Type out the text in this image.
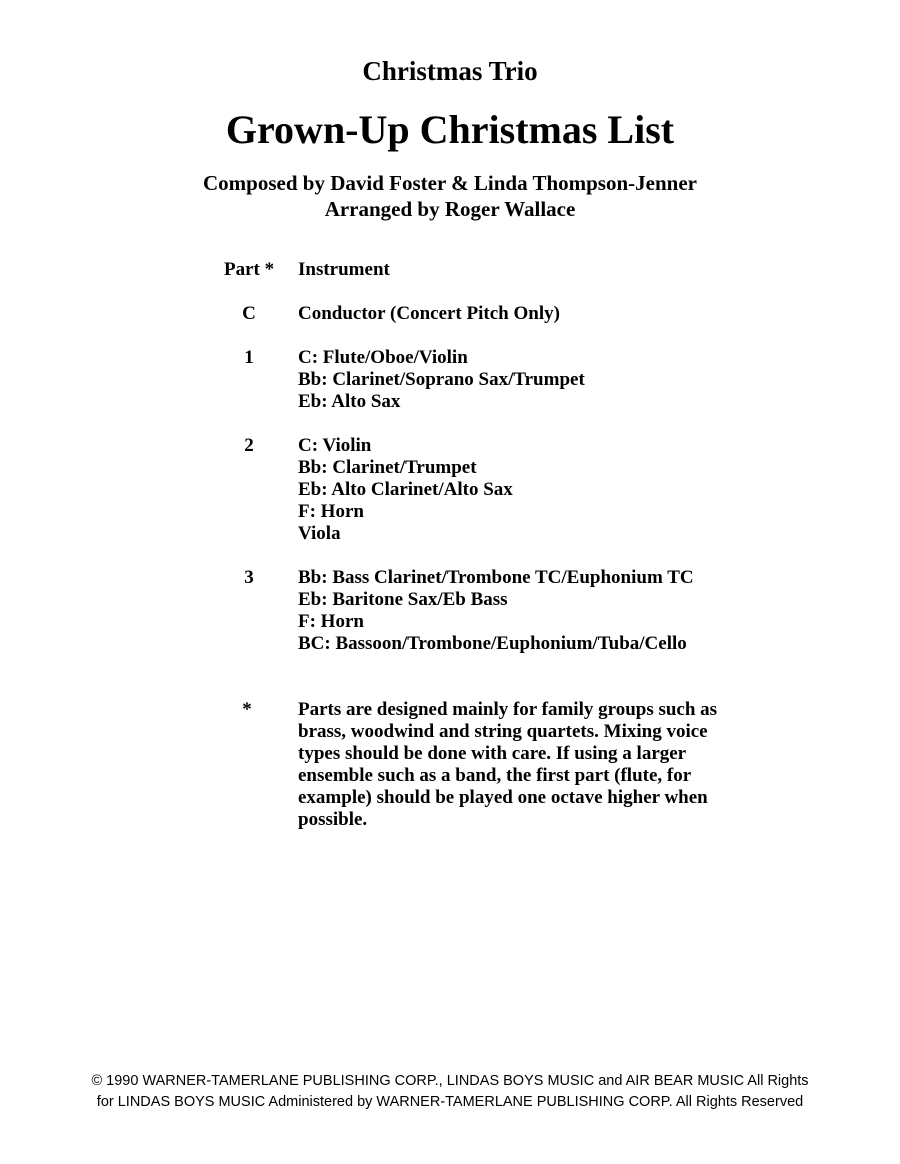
Christmas Trio
Grown-Up Christmas List
Composed by David Foster & Linda Thompson-Jenner
Arranged by Roger Wallace
Part * Instrument
C	Conductor (Concert Pitch Only)
1	C: Flute/Oboe/Violin
Bb: Clarinet/Soprano Sax/Trumpet
Eb: Alto Sax
2	C: Violin
Bb: Clarinet/Trumpet
Eb: Alto Clarinet/Alto Sax
F: Horn
Viola
3	Bb: Bass Clarinet/Trombone TC/Euphonium TC
Eb: Baritone Sax/Eb Bass
F: Horn
BC: Bassoon/Trombone/Euphonium/Tuba/Cello
*	Parts are designed mainly for family groups such as
brass, woodwind and string quartets. Mixing voice
types should be done with care. If using a larger
ensemble such as a band, the first part (flute, for
example) should be played one octave higher when
possible.
© 1990 WARNER-TAMERLANE PUBLISHING CORP., LINDAS BOYS MUSIC and AIR BEAR MUSIC All Rights
for LINDAS BOYS MUSIC Administered by WARNER-TAMERLANE PUBLISHING CORP. All Rights Reserved
